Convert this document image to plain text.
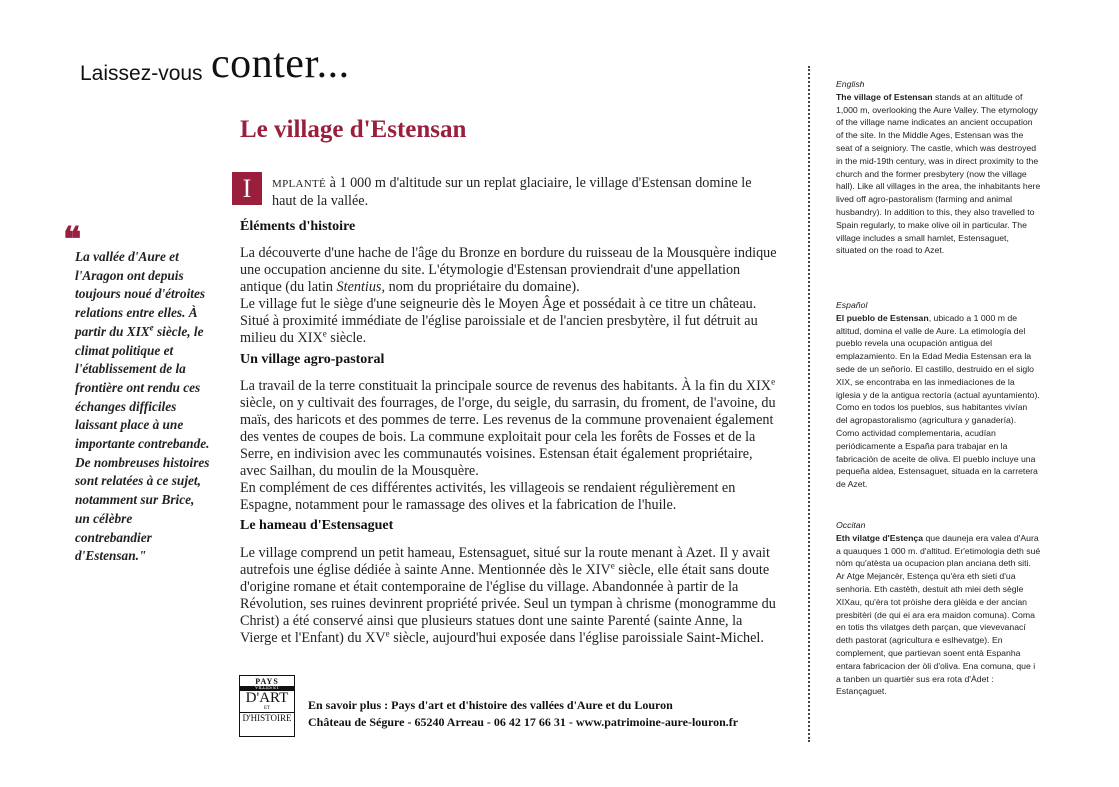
Laissez-vous conter...
Le village d'Estensan
I	MPLANTÉ à 1 000 m d'altitude sur un replat glaciaire, le village d'Estensan domine le haut de la vallée.
Éléments d'histoire
La découverte d'une hache de l'âge du Bronze en bordure du ruisseau de la Mousquère indique une occupation ancienne du site. L'étymologie d'Estensan proviendrait d'une appellation antique (du latin Stentius, nom du propriétaire du domaine).
Le village fut le siège d'une seigneurie dès le Moyen Âge et possédait à ce titre un château. Situé à proximité immédiate de l'église paroissiale et de l'ancien presbytère, il fut détruit au milieu du XIXe siècle.
Un village agro-pastoral
La travail de la terre constituait la principale source de revenus des habitants. À la fin du XIXe siècle, on y cultivait des fourrages, de l'orge, du seigle, du sarrasin, du froment, de l'avoine, du maïs, des haricots et des pommes de terre. Les revenus de la commune provenaient également des ventes de coupes de bois. La commune exploitait pour cela les forêts de Fosses et de la Serre, en indivision avec les communautés voisines. Estensan était également propriétaire, avec Sailhan, du moulin de la Mousquère.
En complément de ces différentes activités, les villageois se rendaient régulièrement en Espagne, notamment pour le ramassage des olives et la fabrication de l'huile.
Le hameau d'Estensaguet
Le village comprend un petit hameau, Estensaguet, situé sur la route menant à Azet. Il y avait autrefois une église dédiée à sainte Anne. Mentionnée dès le XIVe siècle, elle était sans doute d'origine romane et était contemporaine de l'église du village. Abandonnée à partir de la Révolution, ses ruines devinrent propriété privée. Seul un tympan à chrisme (monogramme du Christ) a été conservé ainsi que plusieurs statues dont une sainte Parenté (sainte Anne, la Vierge et l'Enfant) du XVe siècle, aujourd'hui exposée dans l'église paroissiale Saint-Michel.
❝
La vallée d'Aure et l'Aragon ont depuis toujours noué d'étroites relations entre elles. À partir du XIXe siècle, le climat politique et l'établissement de la frontière ont rendu ces échanges difficiles laissant place à une importante contrebande. De nombreuses histoires sont relatées à ce sujet, notamment sur Brice, un célèbre contrebandier d'Estensan."
PAYS
VILLES ET
D'ART
ET
D'HISTOIRE
En savoir plus : Pays d'art et d'histoire des vallées d'Aure et du Louron
Château de Ségure - 65240 Arreau - 06 42 17 66 31 - www.patrimoine-aure-louron.fr
English
The village of Estensan stands at an altitude of 1,000 m, overlooking the Aure Valley. The etymology of the village name indicates an ancient occupation of the site. In the Middle Ages, Estensan was the seat of a seigniory. The castle, which was destroyed in the mid-19th century, was in direct proximity to the church and the former presbytery (now the village hall). Like all villages in the area, the inhabitants here lived off agro-pastoralism (farming and animal husbandry). In addition to this, they also travelled to Spain regularly, to make olive oil in particular. The village includes a small hamlet, Estensaguet, situated on the road to Azet.
Español
El pueblo de Estensan, ubicado a 1 000 m de altitud, domina el valle de Aure. La etimología del pueblo revela una ocupación antigua del emplazamiento. En la Edad Media Estensan era la sede de un señorío. El castillo, destruido en el siglo XIX, se encontraba en las inmediaciones de la iglesia y de la antigua rectoría (actual ayuntamiento). Como en todos los pueblos, sus habitantes vivían del agropastoralismo (agricultura y ganadería). Como actividad complementaria, acudían periódicamente a España para trabajar en la fabricación de aceite de oliva. El pueblo incluye una pequeña aldea, Estensaguet, situada en la carretera de Azet.
Occitan
Eth vilatge d'Estença que dauneja era valea d'Aura a quauques 1 000 m. d'altitud. Er'etimologia deth sué nòm qu'atèsta ua ocupacion plan anciana deth siti. Ar Atge Mejancèr, Estença qu'èra eth sieti d'ua senhoria. Eth castèth, destuit ath miei deth sègle XIXau, qu'èra tot pròishe dera glèida e der ancian presbitèri (de qui ei ara era maidon comuna). Coma en totis ths vilatges deth parçan, que vievevanací deth pastorat (agricultura e eslhevatge). En complement, que partievan soent entà Espanha entara fabricacion der òli d'oliva. Ena comuna, que i a tanben un quartièr sus era rota d'Àdet : Estançaguet.
